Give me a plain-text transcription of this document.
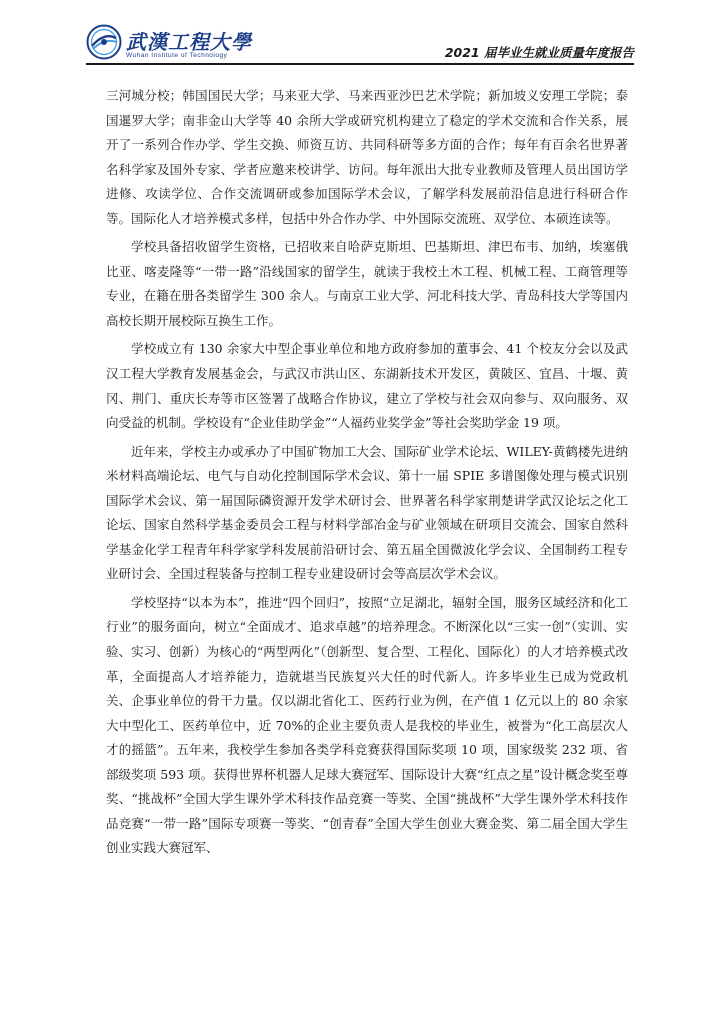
武漢工程大學
Wuhan Institute of Technology	2021 届毕业生就业质量年度报告

三河城分校；韩国国民大学；马来亚大学、马来西亚沙巴艺术学院；新加坡义安理工学院；泰国暹罗大学；南非金山大学等 40 余所大学或研究机构建立了稳定的学术交流和合作关系，展开了一系列合作办学、学生交换、师资互访、共同科研等多方面的合作；每年有百余名世界著名科学家及国外专家、学者应邀来校讲学、访问。每年派出大批专业教师及管理人员出国访学进修、攻读学位、合作交流调研或参加国际学术会议，了解学科发展前沿信息进行科研合作等。国际化人才培养模式多样，包括中外合作办学、中外国际交流班、双学位、本硕连读等。

学校具备招收留学生资格，已招收来自哈萨克斯坦、巴基斯坦、津巴布韦、加纳，埃塞俄比亚、喀麦隆等“一带一路”沿线国家的留学生，就读于我校土木工程、机械工程、工商管理等专业，在籍在册各类留学生 300 余人。与南京工业大学、河北科技大学、青岛科技大学等国内高校长期开展校际互换生工作。

学校成立有 130 余家大中型企事业单位和地方政府参加的董事会、41 个校友分会以及武汉工程大学教育发展基金会，与武汉市洪山区、东湖新技术开发区，黄陂区、宜昌、十堰、黄冈、荆门、重庆长寿等市区签署了战略合作协议，建立了学校与社会双向参与、双向服务、双向受益的机制。学校设有“企业佳助学金”“人福药业奖学金”等社会奖助学金 19 项。

近年来，学校主办或承办了中国矿物加工大会、国际矿业学术论坛、WILEY-黄鹤楼先进纳米材料高端论坛、电气与自动化控制国际学术会议、第十一届 SPIE 多谱图像处理与模式识别国际学术会议、第一届国际磷资源开发学术研讨会、世界著名科学家荆楚讲学武汉论坛之化工论坛、国家自然科学基金委员会工程与材料学部冶金与矿业领域在研项目交流会、国家自然科学基金化学工程青年科学家学科发展前沿研讨会、第五届全国微波化学会议、全国制药工程专业研讨会、全国过程装备与控制工程专业建设研讨会等高层次学术会议。

学校坚持“以本为本”，推进“四个回归”，按照“立足湖北，辐射全国，服务区域经济和化工行业”的服务面向，树立“全面成才、追求卓越”的培养理念。不断深化以“三实一创”（实训、实验、实习、创新）为核心的“两型两化”（创新型、复合型、工程化、国际化）的人才培养模式改革，全面提高人才培养能力，造就堪当民族复兴大任的时代新人。许多毕业生已成为党政机关、企事业单位的骨干力量。仅以湖北省化工、医药行业为例，在产值 1 亿元以上的 80 余家大中型化工、医药单位中，近 70%的企业主要负责人是我校的毕业生，被誉为“化工高层次人才的摇篮”。五年来，我校学生参加各类学科竞赛获得国际奖项 10 项，国家级奖 232 项、省部级奖项 593 项。获得世界杯机器人足球大赛冠军、国际设计大赛“红点之星”设计概念奖至尊奖、“挑战杯”全国大学生课外学术科技作品竞赛一等奖、全国“挑战杯”大学生课外学术科技作品竞赛“一带一路”国际专项赛一等奖、“创青春”全国大学生创业大赛金奖、第二届全国大学生创业实践大赛冠军、
